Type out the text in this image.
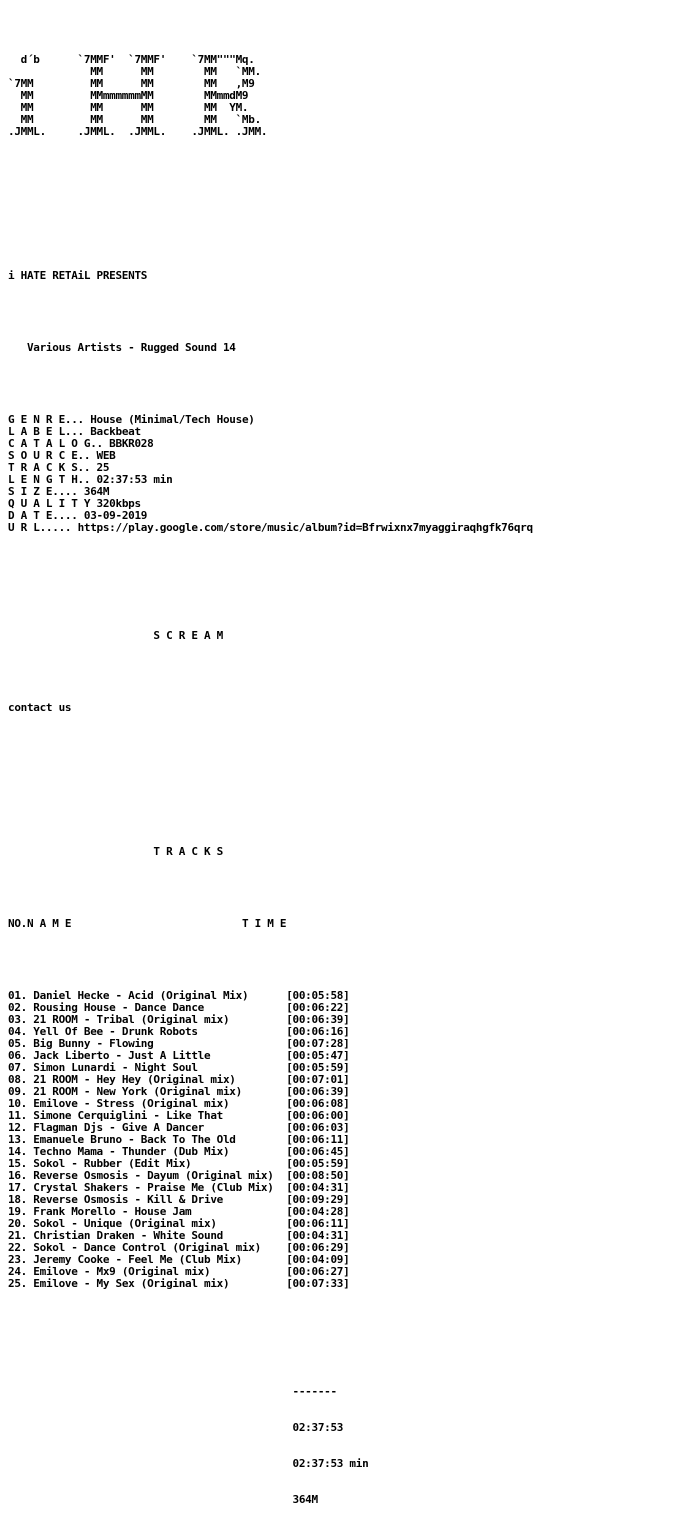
d´b      `7MMF'  `7MMF'    `7MM"""Mq.
MM      MM        MM   `MM.
`7MM         MM      MM        MM   ,M9
MM         MMmmmmmmMM        MMmmdM9
MM         MM      MM        MM  YM.
MM         MM      MM        MM   `Mb.
.JMML.     .JMML.  .JMML.    .JMML. .JMM.

i HATE RETAiL PRESENTS

Various Artists - Rugged Sound 14

G E N R E... House (Minimal/Tech House)
L A B E L... Backbeat
C A T A L O G.. BBKR028
S O U R C E.. WEB
T R A C K S.. 25
L E N G T H.. 02:37:53 min
S I Z E.... 364M
Q U A L I T Y 320kbps
D A T E.... 03-09-2019
U R L..... https://play.google.com/store/music/album?id=Bfrwixnx7myaggiraqhgfk76qrq

S C R E A M

contact us

T R A C K S

NO.N A M E	T I M E

01. Daniel Hecke - Acid (Original Mix)	[00:05:58]
02. Rousing House - Dance Dance	[00:06:22]
03. 21 ROOM - Tribal (Original mix)	[00:06:39]
04. Yell Of Bee - Drunk Robots	[00:06:16]
05. Big Bunny - Flowing	[00:07:28]
06. Jack Liberto - Just A Little	[00:05:47]
07. Simon Lunardi - Night Soul	[00:05:59]
08. 21 ROOM - Hey Hey (Original mix)	[00:07:01]
09. 21 ROOM - New York (Original mix)	[00:06:39]
10. Emilove - Stress (Original mix)	[00:06:08]
11. Simone Cerquiglini - Like That	[00:06:00]
12. Flagman Djs - Give A Dancer	[00:06:03]
13. Emanuele Bruno - Back To The Old	[00:06:11]
14. Techno Mama - Thunder (Dub Mix)	[00:06:45]
15. Sokol - Rubber (Edit Mix)	[00:05:59]
16. Reverse Osmosis - Dayum (Original mix) [00:08:50]
17. Crystal Shakers - Praise Me (Club Mix) [00:04:31]
18. Reverse Osmosis - Kill & Drive	[00:09:29]
19. Frank Morello - House Jam	[00:04:28]
20. Sokol - Unique (Original mix)	[00:06:11]
21. Christian Draken - White Sound	[00:04:31]
22. Sokol - Dance Control (Original mix) [00:06:29]
23. Jeremy Cooke - Feel Me (Club Mix)	[00:04:09]
24. Emilove - Mx9 (Original mix)	[00:06:27]
25. Emilove - My Sex (Original mix)	[00:07:33]

-------

02:37:53

02:37:53 min

364M
